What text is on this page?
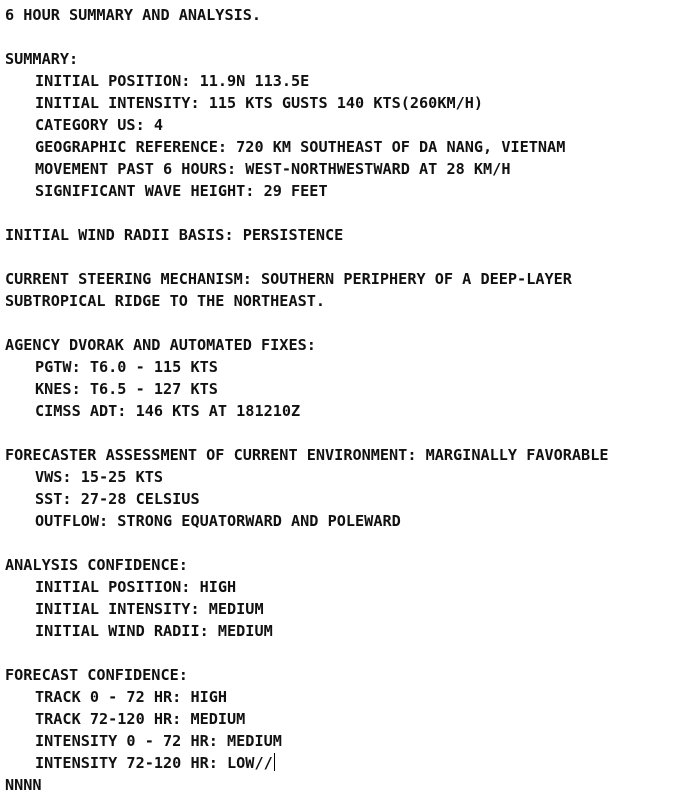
6 HOUR SUMMARY AND ANALYSIS.
SUMMARY:
INITIAL POSITION: 11.9N 113.5E
INITIAL INTENSITY: 115 KTS GUSTS 140 KTS(260KM/H)
CATEGORY US: 4
GEOGRAPHIC REFERENCE: 720 KM SOUTHEAST OF DA NANG, VIETNAM
MOVEMENT PAST 6 HOURS: WEST-NORTHWESTWARD AT 28 KM/H
SIGNIFICANT WAVE HEIGHT: 29 FEET
INITIAL WIND RADII BASIS: PERSISTENCE
CURRENT STEERING MECHANISM: SOUTHERN PERIPHERY OF A DEEP-LAYER
SUBTROPICAL RIDGE TO THE NORTHEAST.
AGENCY DVORAK AND AUTOMATED FIXES:
PGTW: T6.0 - 115 KTS
KNES: T6.5 - 127 KTS
CIMSS ADT: 146 KTS AT 181210Z
FORECASTER ASSESSMENT OF CURRENT ENVIRONMENT: MARGINALLY FAVORABLE
VWS: 15-25 KTS
SST: 27-28 CELSIUS
OUTFLOW: STRONG EQUATORWARD AND POLEWARD
ANALYSIS CONFIDENCE:
INITIAL POSITION: HIGH
INITIAL INTENSITY: MEDIUM
INITIAL WIND RADII: MEDIUM
FORECAST CONFIDENCE:
TRACK 0 - 72 HR: HIGH
TRACK 72-120 HR: MEDIUM
INTENSITY 0 - 72 HR: MEDIUM
INTENSITY 72-120 HR: LOW//
NNNN
